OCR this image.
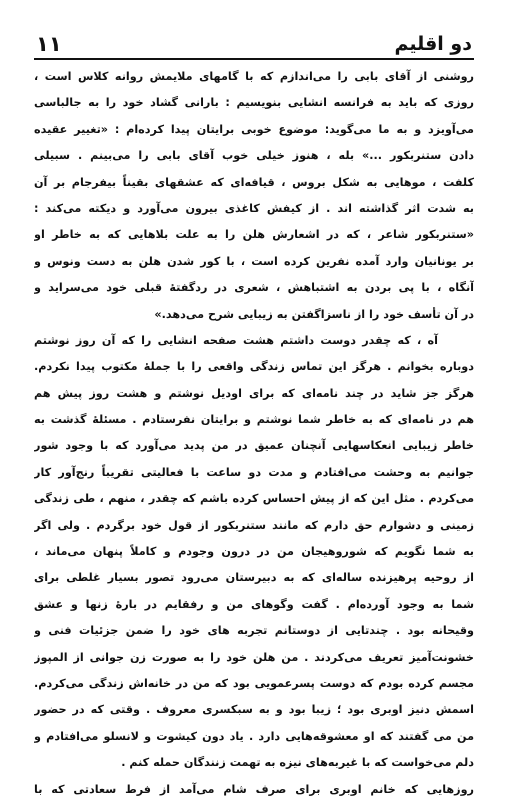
۱۱	دو اقلیم
روشنی از آقای بابی را می‌اندازم که با گامهای ملایمش روانه کلاس است ،
روزی که باید به فرانسه انشایی بنویسیم : بارانی گشاد خود را به جالباسی
می‌آویزد و به ما می‌گوید: موضوع خوبی برایتان پیدا کرده‌ام : «تغییر عقیده
دادن ستنربکور ...» بله ، هنوز خیلی خوب آقای بابی را می‌بینم . سبیلی
کلفت ، موهایی به شکل بروس ، قیافه‌ای که عشقهای بقیناً بیفرجام بر آن
به شدت اثر گذاشته اند . از کیفش کاغذی بیرون می‌آورد و دیکته می‌کند :
«ستنربکور شاعر ، که در اشعارش هلن را به علت بلاهایی که به خاطر او
بر یونانیان وارد آمده نفرین کرده است ، با کور شدن هلن به دست ونوس و
آنگاه ، با پی بردن به اشتباهش ، شعری در ردگفتهٔ قبلی خود می‌سراید و
در آن تأسف خود را از ناسزاگفتن به زیبایی شرح می‌دهد.»
آه ، که چقدر دوست داشتم هشت صفحه انشایی را که آن روز نوشتم
دوباره بخوانم . هرگز این تماس زندگی واقعی را با جملهٔ مکتوب پیدا نکردم.
هرگز جز شاید در چند نامه‌ای که برای اودیل نوشتم و هشت روز پیش هم
هم در نامه‌ای که به خاطر شما نوشتم و برایتان نفرستادم . مسئلهٔ گذشت به
خاطر زیبایی انعکاسهایی آنچنان عمیق در من پدید می‌آورد که با وجود شور
جوانیم به وحشت می‌افتادم و مدت دو ساعت با فعالیتی تقریباً رنج‌آور کار
می‌کردم . مثل این که از پیش احساس کرده باشم که چقدر ، منهم ، طی زندگی
زمینی و دشوارم حق دارم که مانند ستنربکور از قول خود برگردم . ولی اگر
به شما نگویم که شوروهیجان من در درون وجودم و کاملاً پنهان می‌ماند ،
از روحیه پرهیزنده ساله‌ای که به دبیرستان می‌رود تصور بسیار غلطی برای
شما به وجود آورده‌ام . گفت وگوهای من و رفقایم در بارهٔ زنها و عشق
وقیحانه بود . چندتایی از دوستانم تجربه های خود را ضمن جزئیات فنی و
خشونت‌آمیز تعریف می‌کردند . من هلن خود را به صورت زن جوانی از المپوز
مجسم کرده بودم که دوست پسرعمویی بود که من در خانه‌اش زندگی می‌کردم.
اسمش دنیز اوبری بود ؛ زیبا بود و به سبکسری معروف . وقتی که در حضور
من می گفتند که او معشوقه‌هایی دارد . یاد دون کیشوت و لانسلو می‌افتادم و
دلم می‌خواست که با غیربه‌های نیزه به تهمت زنندگان حمله کنم .
روزهایی که خانم اوبری برای صرف شام می‌آمد از فرط سعادتی که با
